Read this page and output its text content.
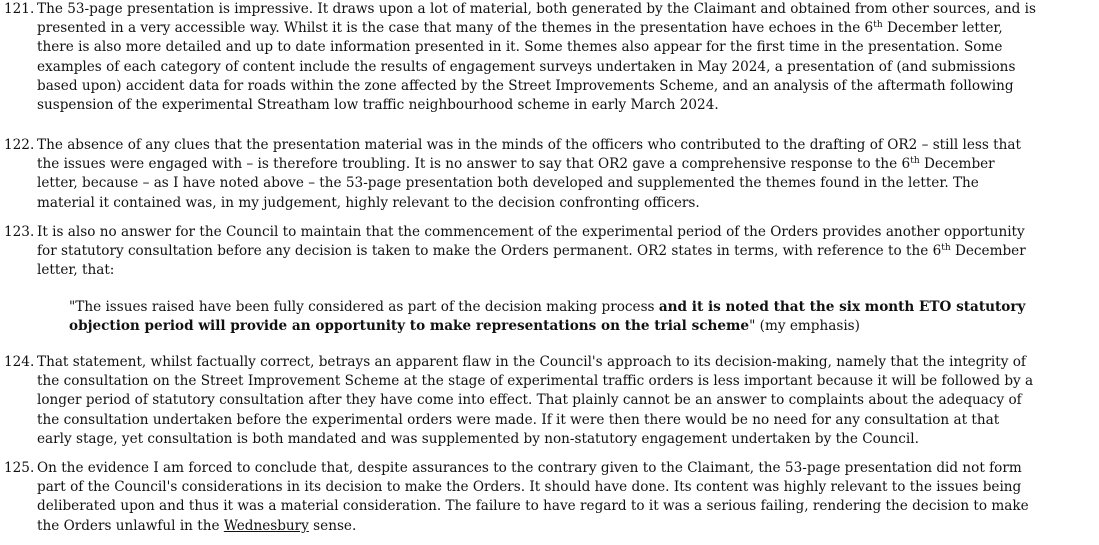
121. The 53-page presentation is impressive. It draws upon a lot of material, both generated by the Claimant and obtained from other sources, and is presented in a very accessible way. Whilst it is the case that many of the themes in the presentation have echoes in the 6th December letter, there is also more detailed and up to date information presented in it. Some themes also appear for the first time in the presentation. Some examples of each category of content include the results of engagement surveys undertaken in May 2024, a presentation of (and submissions based upon) accident data for roads within the zone affected by the Street Improvements Scheme, and an analysis of the aftermath following suspension of the experimental Streatham low traffic neighbourhood scheme in early March 2024.

122. The absence of any clues that the presentation material was in the minds of the officers who contributed to the drafting of OR2 – still less that the issues were engaged with – is therefore troubling. It is no answer to say that OR2 gave a comprehensive response to the 6th December letter, because – as I have noted above – the 53-page presentation both developed and supplemented the themes found in the letter. The material it contained was, in my judgement, highly relevant to the decision confronting officers.

123. It is also no answer for the Council to maintain that the commencement of the experimental period of the Orders provides another opportunity for statutory consultation before any decision is taken to make the Orders permanent. OR2 states in terms, with reference to the 6th December letter, that:

"The issues raised have been fully considered as part of the decision making process and it is noted that the six month ETO statutory objection period will provide an opportunity to make representations on the trial scheme" (my emphasis)

124. That statement, whilst factually correct, betrays an apparent flaw in the Council's approach to its decision-making, namely that the integrity of the consultation on the Street Improvement Scheme at the stage of experimental traffic orders is less important because it will be followed by a longer period of statutory consultation after they have come into effect. That plainly cannot be an answer to complaints about the adequacy of the consultation undertaken before the experimental orders were made. If it were then there would be no need for any consultation at that early stage, yet consultation is both mandated and was supplemented by non-statutory engagement undertaken by the Council.

125. On the evidence I am forced to conclude that, despite assurances to the contrary given to the Claimant, the 53-page presentation did not form part of the Council's considerations in its decision to make the Orders. It should have done. Its content was highly relevant to the issues being deliberated upon and thus it was a material consideration. The failure to have regard to it was a serious failing, rendering the decision to make the Orders unlawful in the Wednesbury sense.
